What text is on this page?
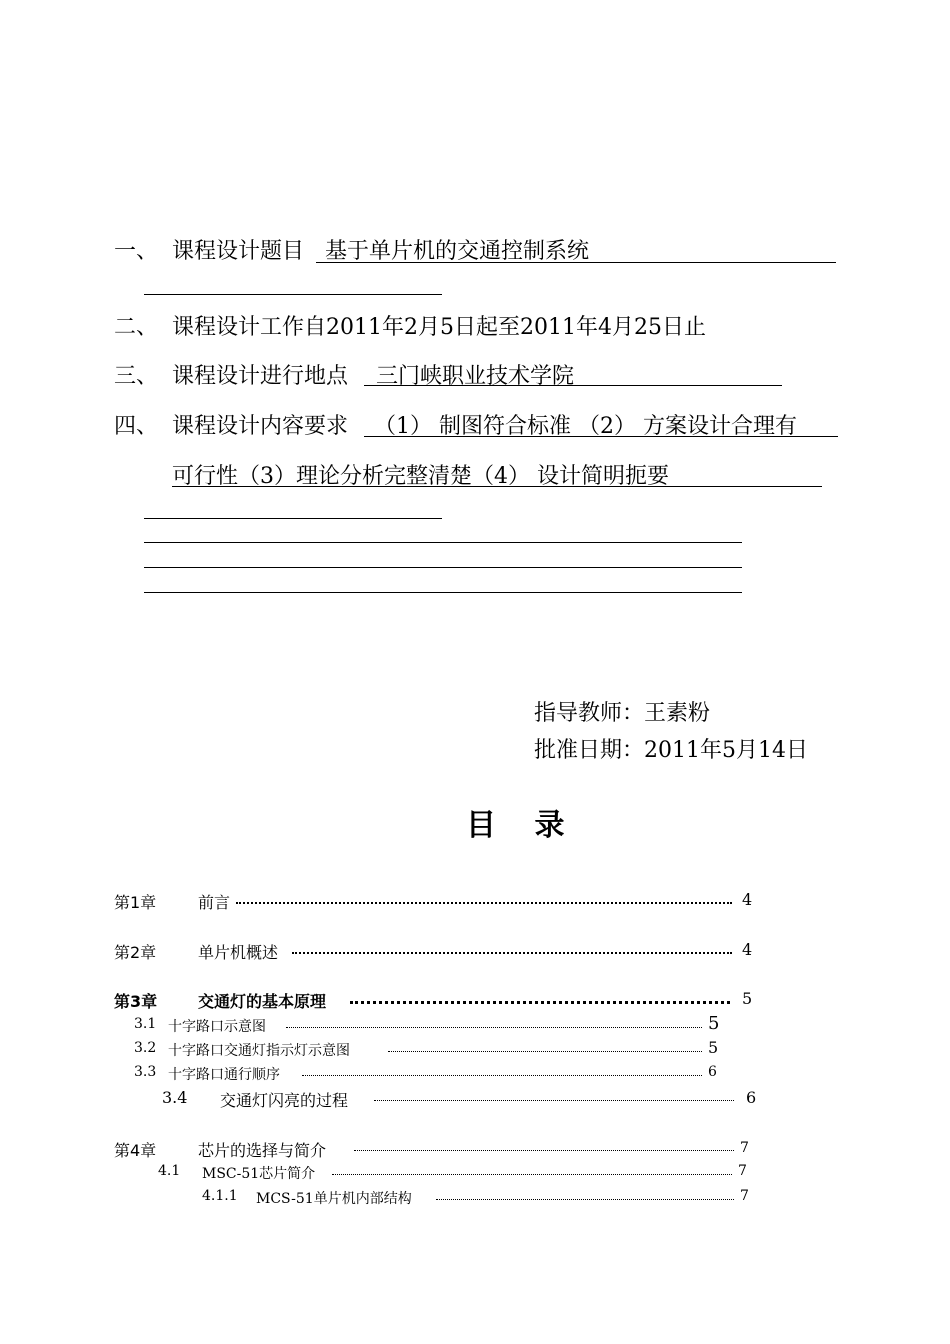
一、 课程设计题目 基于单片机的交通控制系统
二、 课程设计工作自2011年2月5日起至2011年4月25日止
三、 课程设计进行地点 三门峡职业技术学院
四、 课程设计内容要求 （1） 制图符合标准 （2） 方案设计合理有
可行性（3）理论分析完整清楚（4） 设计简明扼要
指导教师：王素粉
批准日期：2011年5月14日
目 录
第1章	前言	4
第2章	单片机概述	4
第3章	交通灯的基本原理	5
3.1 十字路口示意图	5
3.2 十字路口交通灯指示灯示意图	5
3.3 十字路口通行顺序	6
3.4 交通灯闪亮的过程	6
第4章	芯片的选择与简介	7
4.1 MSC-51芯片简介	7
4.1.1 MCS-51单片机内部结构	7
